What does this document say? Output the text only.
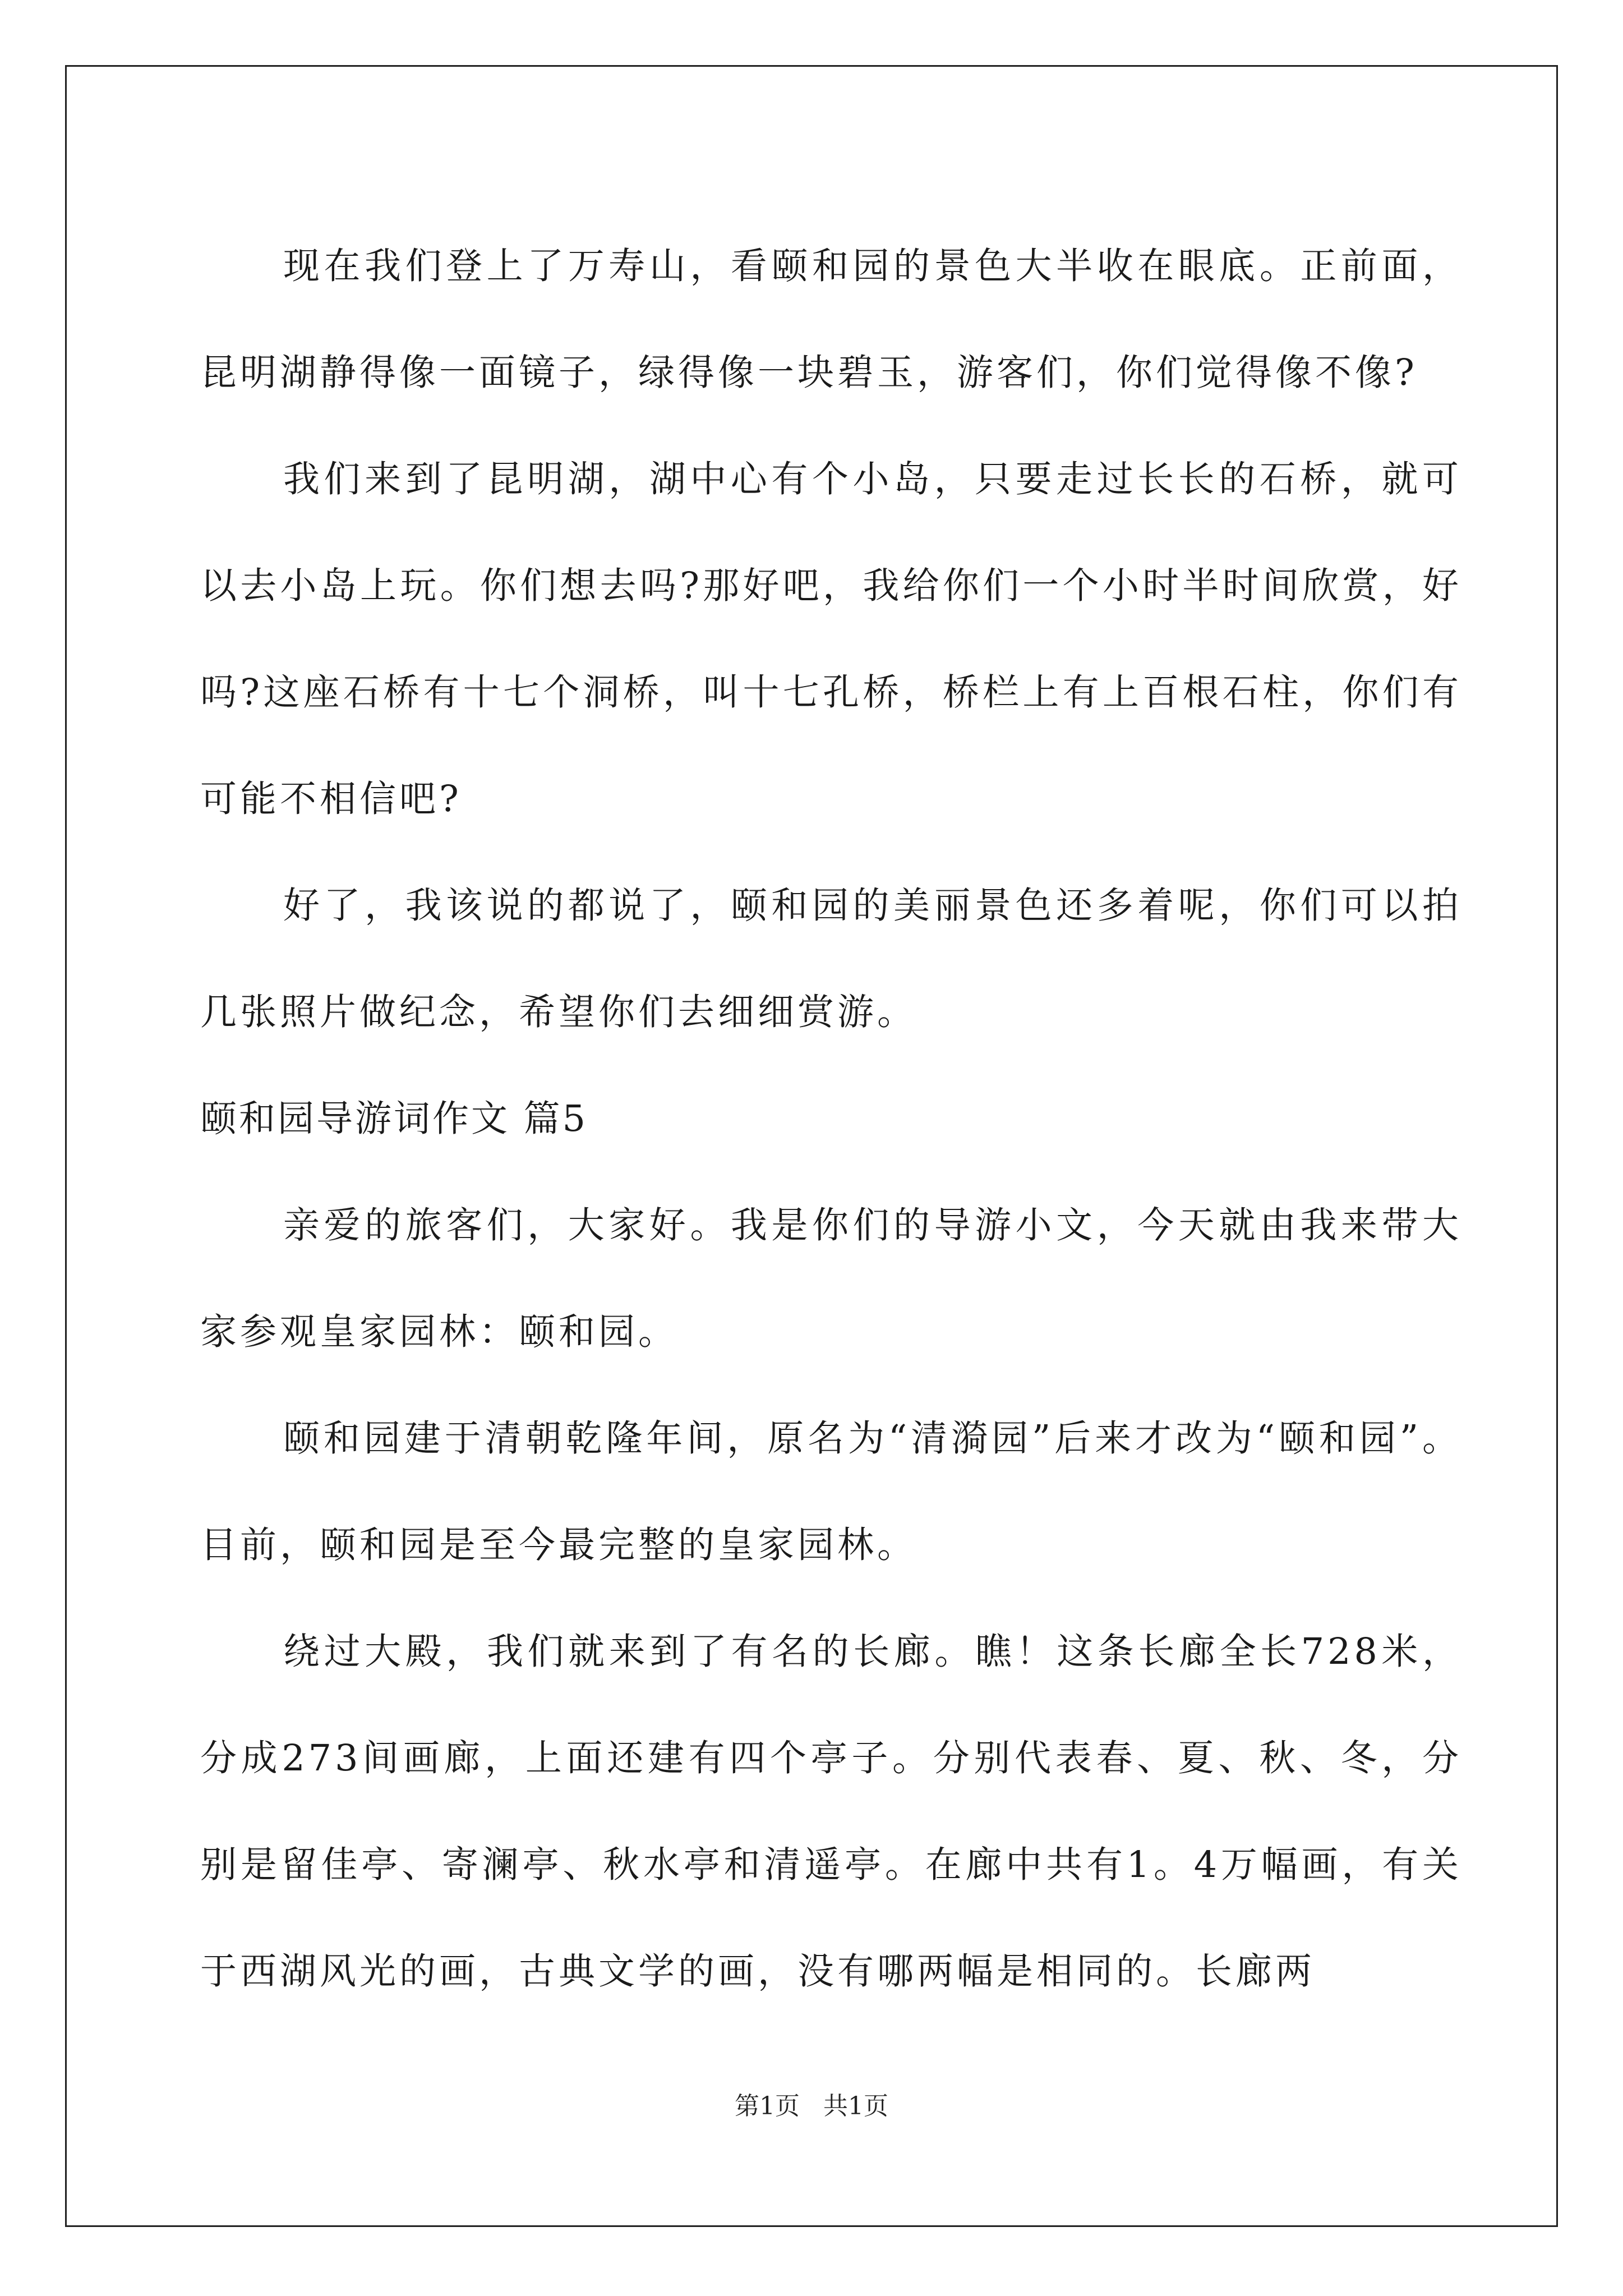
现在我们登上了万寿山，看颐和园的景色大半收在眼底。正前面，昆明湖静得像一面镜子，绿得像一块碧玉，游客们，你们觉得像不像?

我们来到了昆明湖，湖中心有个小岛，只要走过长长的石桥，就可以去小岛上玩。你们想去吗?那好吧，我给你们一个小时半时间欣赏，好吗?这座石桥有十七个洞桥，叫十七孔桥，桥栏上有上百根石柱，你们有可能不相信吧?

好了，我该说的都说了，颐和园的美丽景色还多着呢，你们可以拍几张照片做纪念，希望你们去细细赏游。

颐和园导游词作文 篇5

亲爱的旅客们，大家好。我是你们的导游小文，今天就由我来带大家参观皇家园林：颐和园。

颐和园建于清朝乾隆年间，原名为“清漪园”后来才改为“颐和园”。目前，颐和园是至今最完整的皇家园林。

绕过大殿，我们就来到了有名的长廊。瞧！这条长廊全长728米，分成273间画廊，上面还建有四个亭子。分别代表春、夏、秋、冬，分别是留佳亭、寄澜亭、秋水亭和清遥亭。在廊中共有1。4万幅画，有关于西湖风光的画，古典文学的画，没有哪两幅是相同的。长廊两

第1页   共1页
